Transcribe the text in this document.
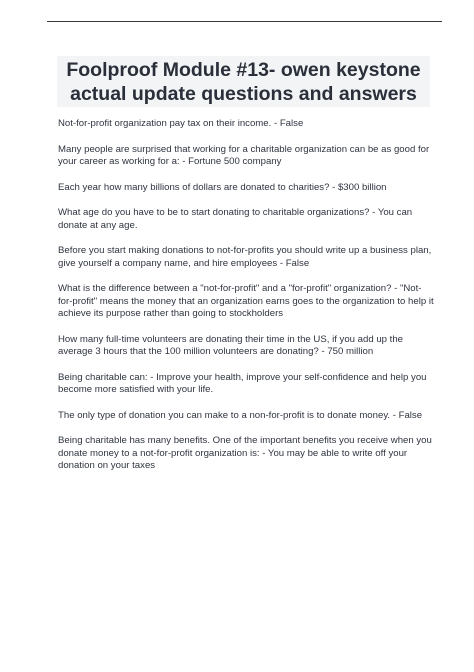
Foolproof Module #13- owen keystone
actual update questions and answers

Not-for-profit organization pay tax on their income. - False

Many people are surprised that working for a charitable organization can be as good for your career as working for a: - Fortune 500 company

Each year how many billions of dollars are donated to charities? - $300 billion

What age do you have to be to start donating to charitable organizations? - You can donate at any age.

Before you start making donations to not-for-profits you should write up a business plan, give yourself a company name, and hire employees - False

What is the difference between a "not-for-profit" and a "for-profit" organization? - "Not-for-profit" means the money that an organization earns goes to the organization to help it achieve its purpose rather than going to stockholders

How many full-time volunteers are donating their time in the US, if you add up the average 3 hours that the 100 million volunteers are donating? - 750 million

Being charitable can: - Improve your health, improve your self-confidence and help you become more satisfied with your life.

The only type of donation you can make to a non-for-profit is to donate money. - False

Being charitable has many benefits. One of the important benefits you receive when you donate money to a not-for-profit organization is: - You may be able to write off your donation on your taxes
